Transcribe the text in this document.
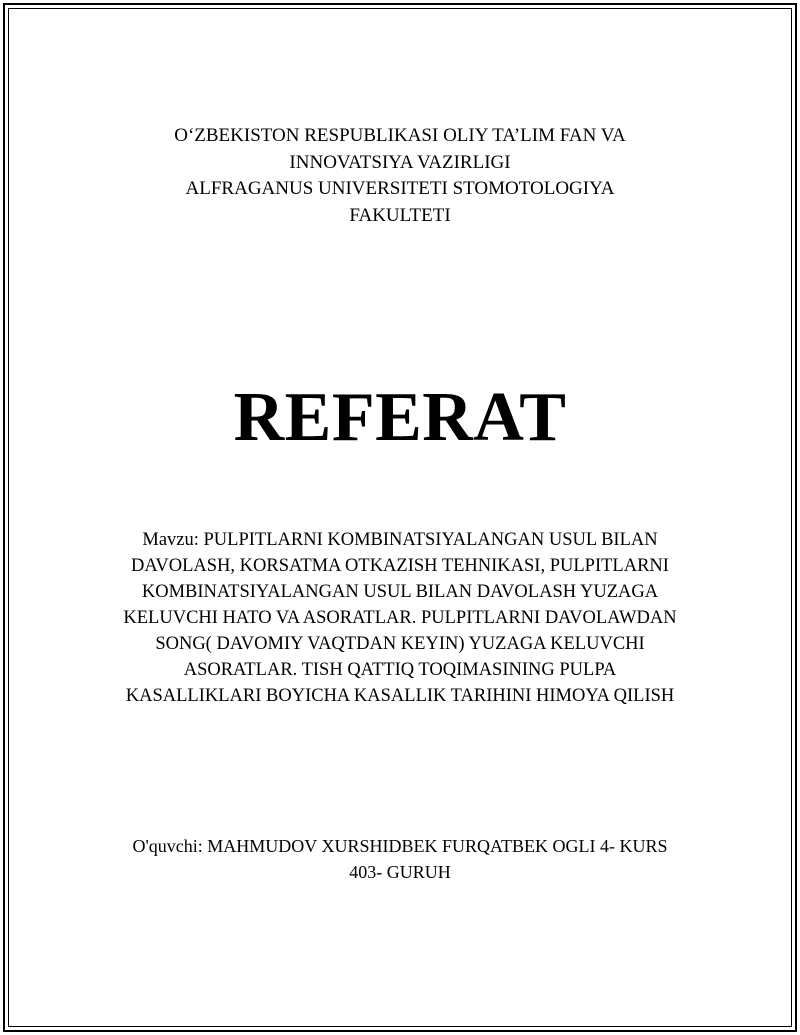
O‘ZBEKISTON RESPUBLIKASI OLIY TA’LIM FAN VA
INNOVATSIYA VAZIRLIGI
ALFRAGANUS UNIVERSITETI STOMOTOLOGIYA
FAKULTETI
REFERAT
Mavzu: PULPITLARNI KOMBINATSIYALANGAN USUL BILAN
DAVOLASH, KORSATMA OTKAZISH TEHNIKASI, PULPITLARNI
KOMBINATSIYALANGAN USUL BILAN DAVOLASH YUZAGA
KELUVCHI HATO VA ASORATLAR. PULPITLARNI DAVOLAWDAN
SONG( DAVOMIY VAQTDAN KEYIN) YUZAGA KELUVCHI
ASORATLAR. TISH QATTIQ TOQIMASINING PULPA
KASALLIKLARI BOYICHA KASALLIK TARIHINI HIMOYA QILISH
O'quvchi: MAHMUDOV XURSHIDBEK FURQATBEK OGLI 4- KURS
403- GURUH
